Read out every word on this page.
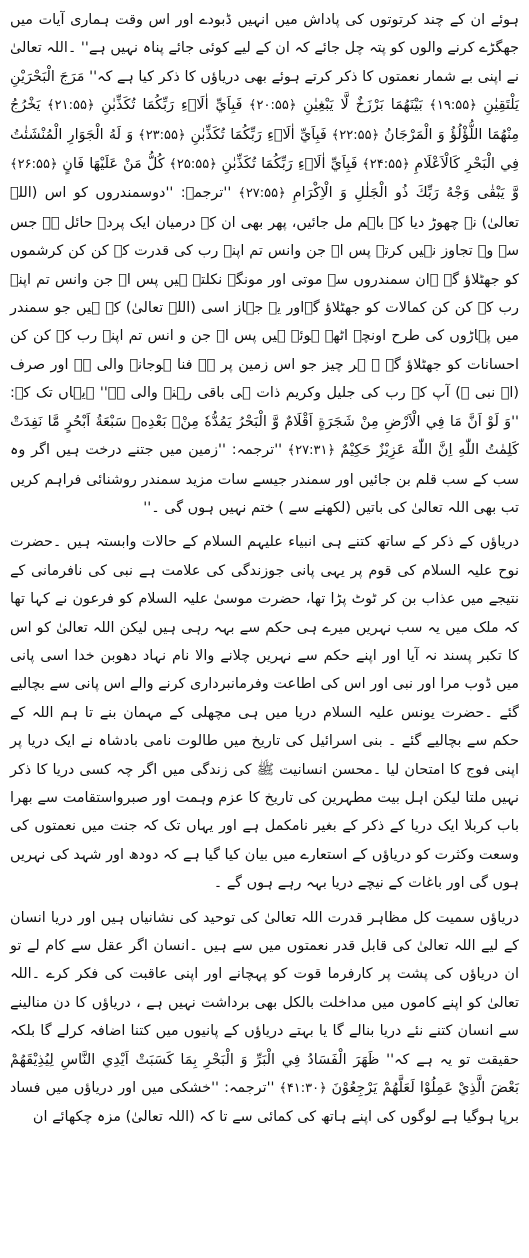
ہوئے ان کے چند کرتوتوں کی پاداش میں انہیں ڈبودے اور اس وقت ہماری آیات میں جھگڑے کرنے والوں کو پتہ چل جائے کہ ان کے لیے کوئی جائے پناہ نہیں ہے'' ۔اللہ تعالیٰ نے اپنی بے شمار نعمتوں کا ذکر کرتے ہوئے بھی دریاؤں کا ذکر کیا ہے کہ'' مَرَجَ الْبَحْرَيْنِ يَلْتَقِيٰنِ ﴿۱۹:۵۵﴾ بَيْنَهُمَا بَرْزَخٌ لَّا يَبْغِيٰنِ ﴿۲۰:۵۵﴾ فَبِاَيِّ اٰلَاۗءِ رَبِّكُمَا تُكَذِّبٰنِ ﴿۲۱:۵۵﴾ يَخْرُجُ مِنْهُمَا اللُّؤْلُؤُ وَ الْمَرْجَانُ ﴿۲۲:۵۵﴾ فَبِاَيِّ اٰلَاۗءِ رَبِّكُمَا تُكَذِّبٰنِ ﴿۲۳:۵۵﴾ وَ لَهُ الْجَوَارِ الْمُنْشَئٰتُ فِي الْبَحْرِ كَالْاَعْلَامِ ﴿۲۴:۵۵﴾ فَبِاَيِّ اٰلَاۗءِ رَبِّكُمَا تُكَذِّبٰنِ ﴿۲۵:۵۵﴾ كُلُّ مَنْ عَلَيْهَا فَانٍ ﴿۲۶:۵۵﴾ وَّ يَبْقٰى وَجْهُ رَبِّكَ ذُو الْجَلٰلِ وَ الْاِكْرَامِ ﴿۲۷:۵۵﴾ ''ترجمہ: ''دوسمندروں کو اس (اللہ تعالیٰ) نے چھوڑ دیا کہ باہم مل جائیں، پھر بھی ان کے درمیان ایک پردہ حائل ہے جس سے وہ تجاوز نہیں کرتے پس اے جن وانس تم اپنے رب کی قدرت کے کن کن کرشموں کو جھٹلاؤ گے ۔ان سمندروں سے موتی اور مونگے نکلتے ہیں پس اے جن وانس تم اپنے رب کے کن کن کمالات کو جھٹلاؤ گےاور یہ جہاز اسی (اللہ تعالیٰ) کے ہیں جو سمندر میں پہاڑوں کی طرح اونچے اٹھے ہوئے ہیں پس اے جن و انس تم اپنے رب کے کن کن احسانات کو جھٹلاؤ گے ۔ ہر چیز جو اس زمین پر ہے فنا ہوجانے والی ہے اور صرف (اے نبی ﷺ) آپ کے رب کی جلیل وکریم ذات ہی باقی رہنے والی ہے'' ۔یہاں تک کہ: ''وَ لَوْ اَنَّ مَا فِي الْاَرْضِ مِنْ شَجَرَةٍ اَقْلَامٌ وَّ الْبَحْرُ يَمُدُّهٗ مِنْۢ بَعْدِهٖ سَبْعَةُ اَبْحُرٍ مَّا نَفِدَتْ كَلِمٰتُ اللّٰهِ اِنَّ اللّٰهَ عَزِيْزٌ حَكِيْمٌ ﴿۲۷:۳۱﴾ ''ترجمہ: ''زمین میں جتنے درخت ہیں اگر وہ سب کے سب قلم بن جائیں اور سمندر جیسے سات مزید سمندر روشنائی فراہم کریں تب بھی اللہ تعالیٰ کی باتیں (لکھنے سے ) ختم نہیں ہوں گی ۔''

دریاؤں کے ذکر کے ساتھ کتنے ہی انبیاء علیہم السلام کے حالات وابستہ ہیں ۔حضرت نوح علیہ السلام کی قوم پر یہی پانی جوزندگی کی علامت ہے نبی کی نافرمانی کے نتیجے میں عذاب بن کر ٹوٹ پڑا تھا، حضرت موسیٰ علیہ السلام کو فرعون نے کہا تھا کہ ملک میں یہ سب نہریں میرے ہی حکم سے بہہ رہی ہیں لیکن اللہ تعالیٰ کو اس کا تکبر پسند نہ آیا اور اپنے حکم سے نہریں چلانے والا نام نہاد دھوبن خدا اسی پانی میں ڈوب مرا اور نبی اور اس کی اطاعت وفرمانبرداری کرنے والے اس پانی سے بچالیے گئے ۔حضرت یونس علیہ السلام دریا میں ہی مچھلی کے مہمان بنے تا ہم اللہ کے حکم سے بچالیے گئے ۔ بنی اسرائیل کی تاریخ میں طالوت نامی بادشاہ نے ایک دریا پر اپنی فوج کا امتحان لیا ۔محسن انسانیت ﷺ کی زندگی میں اگر چہ کسی دریا کا ذکر نہیں ملتا لیکن اہل بیت مطہرین کی تاریخ کا عزم وہمت اور صبرواستقامت سے بھرا باب کربلا ایک دریا کے ذکر کے بغیر نامکمل ہے اور یہاں تک کہ جنت میں نعمتوں کی وسعت وکثرت کو دریاؤں کے استعارے میں بیان کیا گیا ہے کہ دودھ اور شہد کی نہریں ہوں گی اور باغات کے نیچے دریا بہہ رہے ہوں گے ۔

دریاؤں سمیت کل مظاہر قدرت اللہ تعالیٰ کی توحید کی نشانیاں ہیں اور دریا انسان کے لیے اللہ تعالیٰ کی قابل قدر نعمتوں میں سے ہیں ۔انسان اگر عقل سے کام لے تو ان دریاؤں کی پشت پر کارفرما قوت کو پہچانے اور اپنی عاقبت کی فکر کرے ۔اللہ تعالیٰ کو اپنے کاموں میں مداخلت بالکل بھی برداشت نہیں ہے ، دریاؤں کا دن منالینے سے انسان کتنے نئے دریا بنالے گا یا بہتے دریاؤں کے پانیوں میں کتنا اضافہ کرلے گا بلکہ حقیقت تو یہ ہے کہ'' ظَهَرَ الْفَسَادُ فِي الْبَرِّ وَ الْبَحْرِ بِمَا كَسَبَتْ اَيْدِي النَّاسِ لِيُذِيْقَهُمْ بَعْضَ الَّذِيْ عَمِلُوْا لَعَلَّهُمْ يَرْجِعُوْنَ ﴿۴۱:۳۰﴾ ''ترجمہ: ''خشکی میں اور دریاؤں میں فساد برپا ہوگیا ہے لوگوں کی اپنے ہاتھ کی کمائی سے تا کہ (اللہ تعالیٰ) مزہ چکھائے ان
